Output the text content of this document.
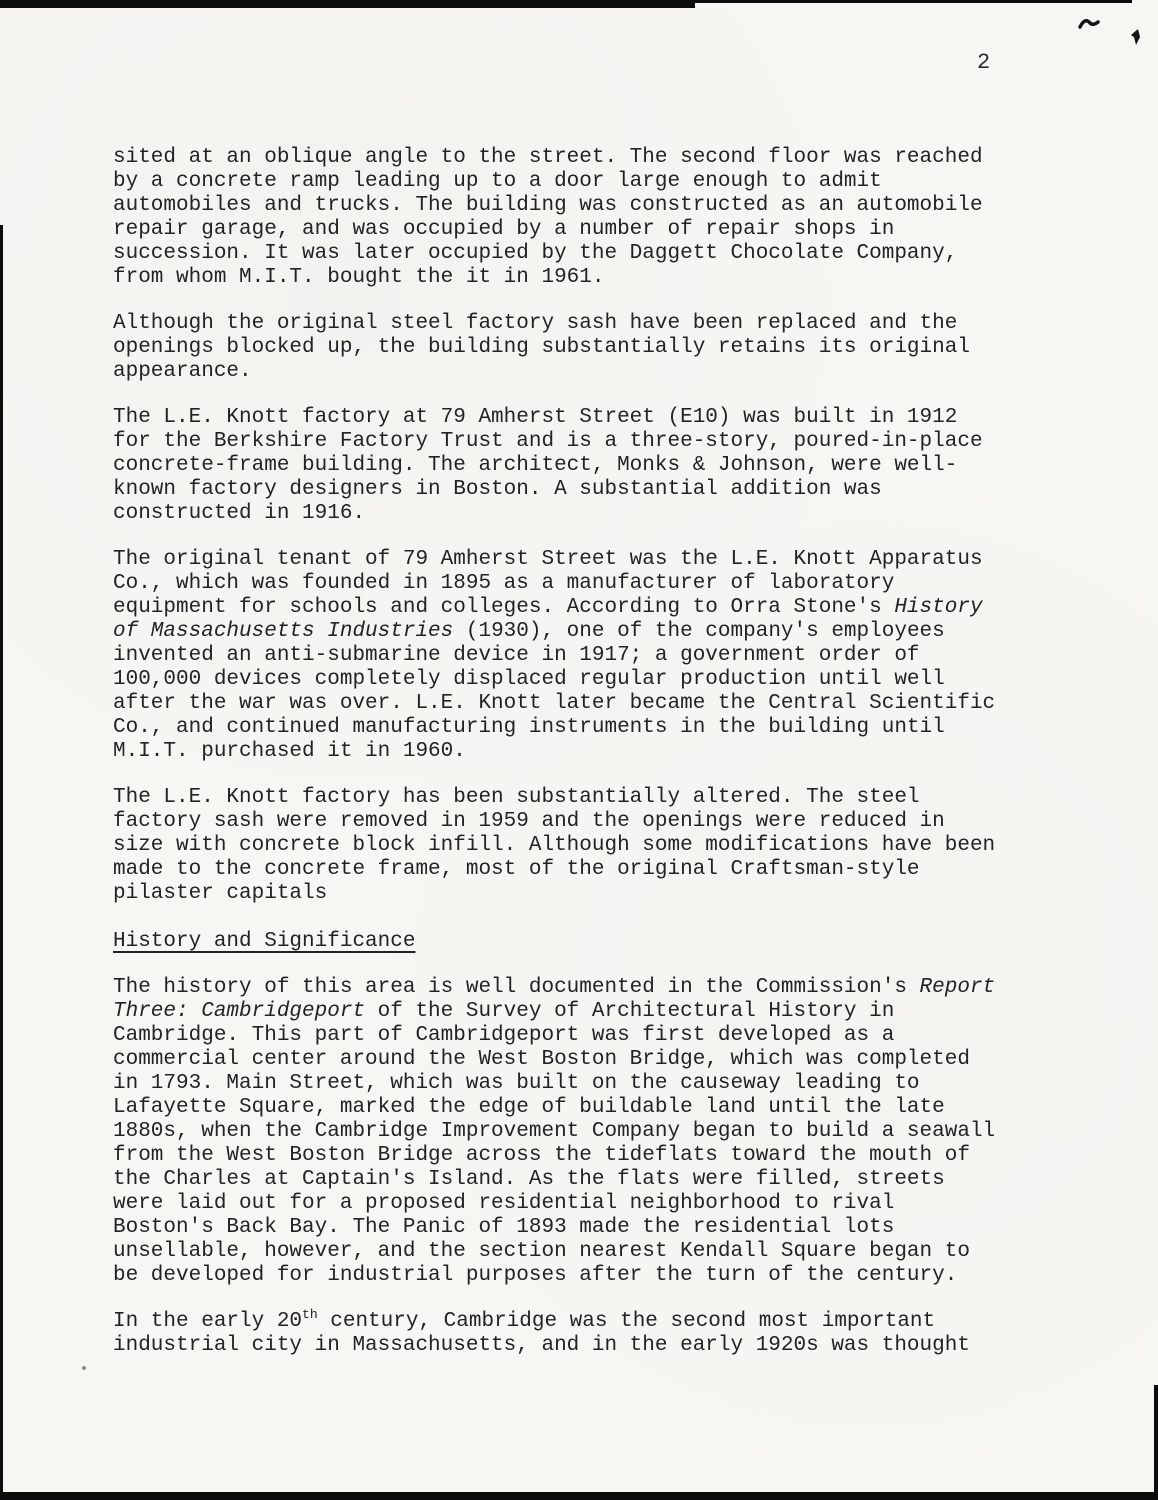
2
sited at an oblique angle to the street. The second floor was reached
by a concrete ramp leading up to a door large enough to admit
automobiles and trucks. The building was constructed as an automobile
repair garage, and was occupied by a number of repair shops in
succession. It was later occupied by the Daggett Chocolate Company,
from whom M.I.T. bought the it in 1961.
Although the original steel factory sash have been replaced and the
openings blocked up, the building substantially retains its original
appearance.
The L.E. Knott factory at 79 Amherst Street (E10) was built in 1912
for the Berkshire Factory Trust and is a three-story, poured-in-place
concrete-frame building. The architect, Monks & Johnson, were well-
known factory designers in Boston. A substantial addition was
constructed in 1916.
The original tenant of 79 Amherst Street was the L.E. Knott Apparatus
Co., which was founded in 1895 as a manufacturer of laboratory
equipment for schools and colleges. According to Orra Stone's History
of Massachusetts Industries (1930), one of the company's employees
invented an anti-submarine device in 1917; a government order of
100,000 devices completely displaced regular production until well
after the war was over. L.E. Knott later became the Central Scientific
Co., and continued manufacturing instruments in the building until
M.I.T. purchased it in 1960.
The L.E. Knott factory has been substantially altered. The steel
factory sash were removed in 1959 and the openings were reduced in
size with concrete block infill. Although some modifications have been
made to the concrete frame, most of the original Craftsman-style
pilaster capitals
History and Significance
The history of this area is well documented in the Commission's Report
Three: Cambridgeport of the Survey of Architectural History in
Cambridge. This part of Cambridgeport was first developed as a
commercial center around the West Boston Bridge, which was completed
in 1793. Main Street, which was built on the causeway leading to
Lafayette Square, marked the edge of buildable land until the late
1880s, when the Cambridge Improvement Company began to build a seawall
from the West Boston Bridge across the tideflats toward the mouth of
the Charles at Captain's Island. As the flats were filled, streets
were laid out for a proposed residential neighborhood to rival
Boston's Back Bay. The Panic of 1893 made the residential lots
unsellable, however, and the section nearest Kendall Square began to
be developed for industrial purposes after the turn of the century.
In the early 20th century, Cambridge was the second most important
industrial city in Massachusetts, and in the early 1920s was thought
